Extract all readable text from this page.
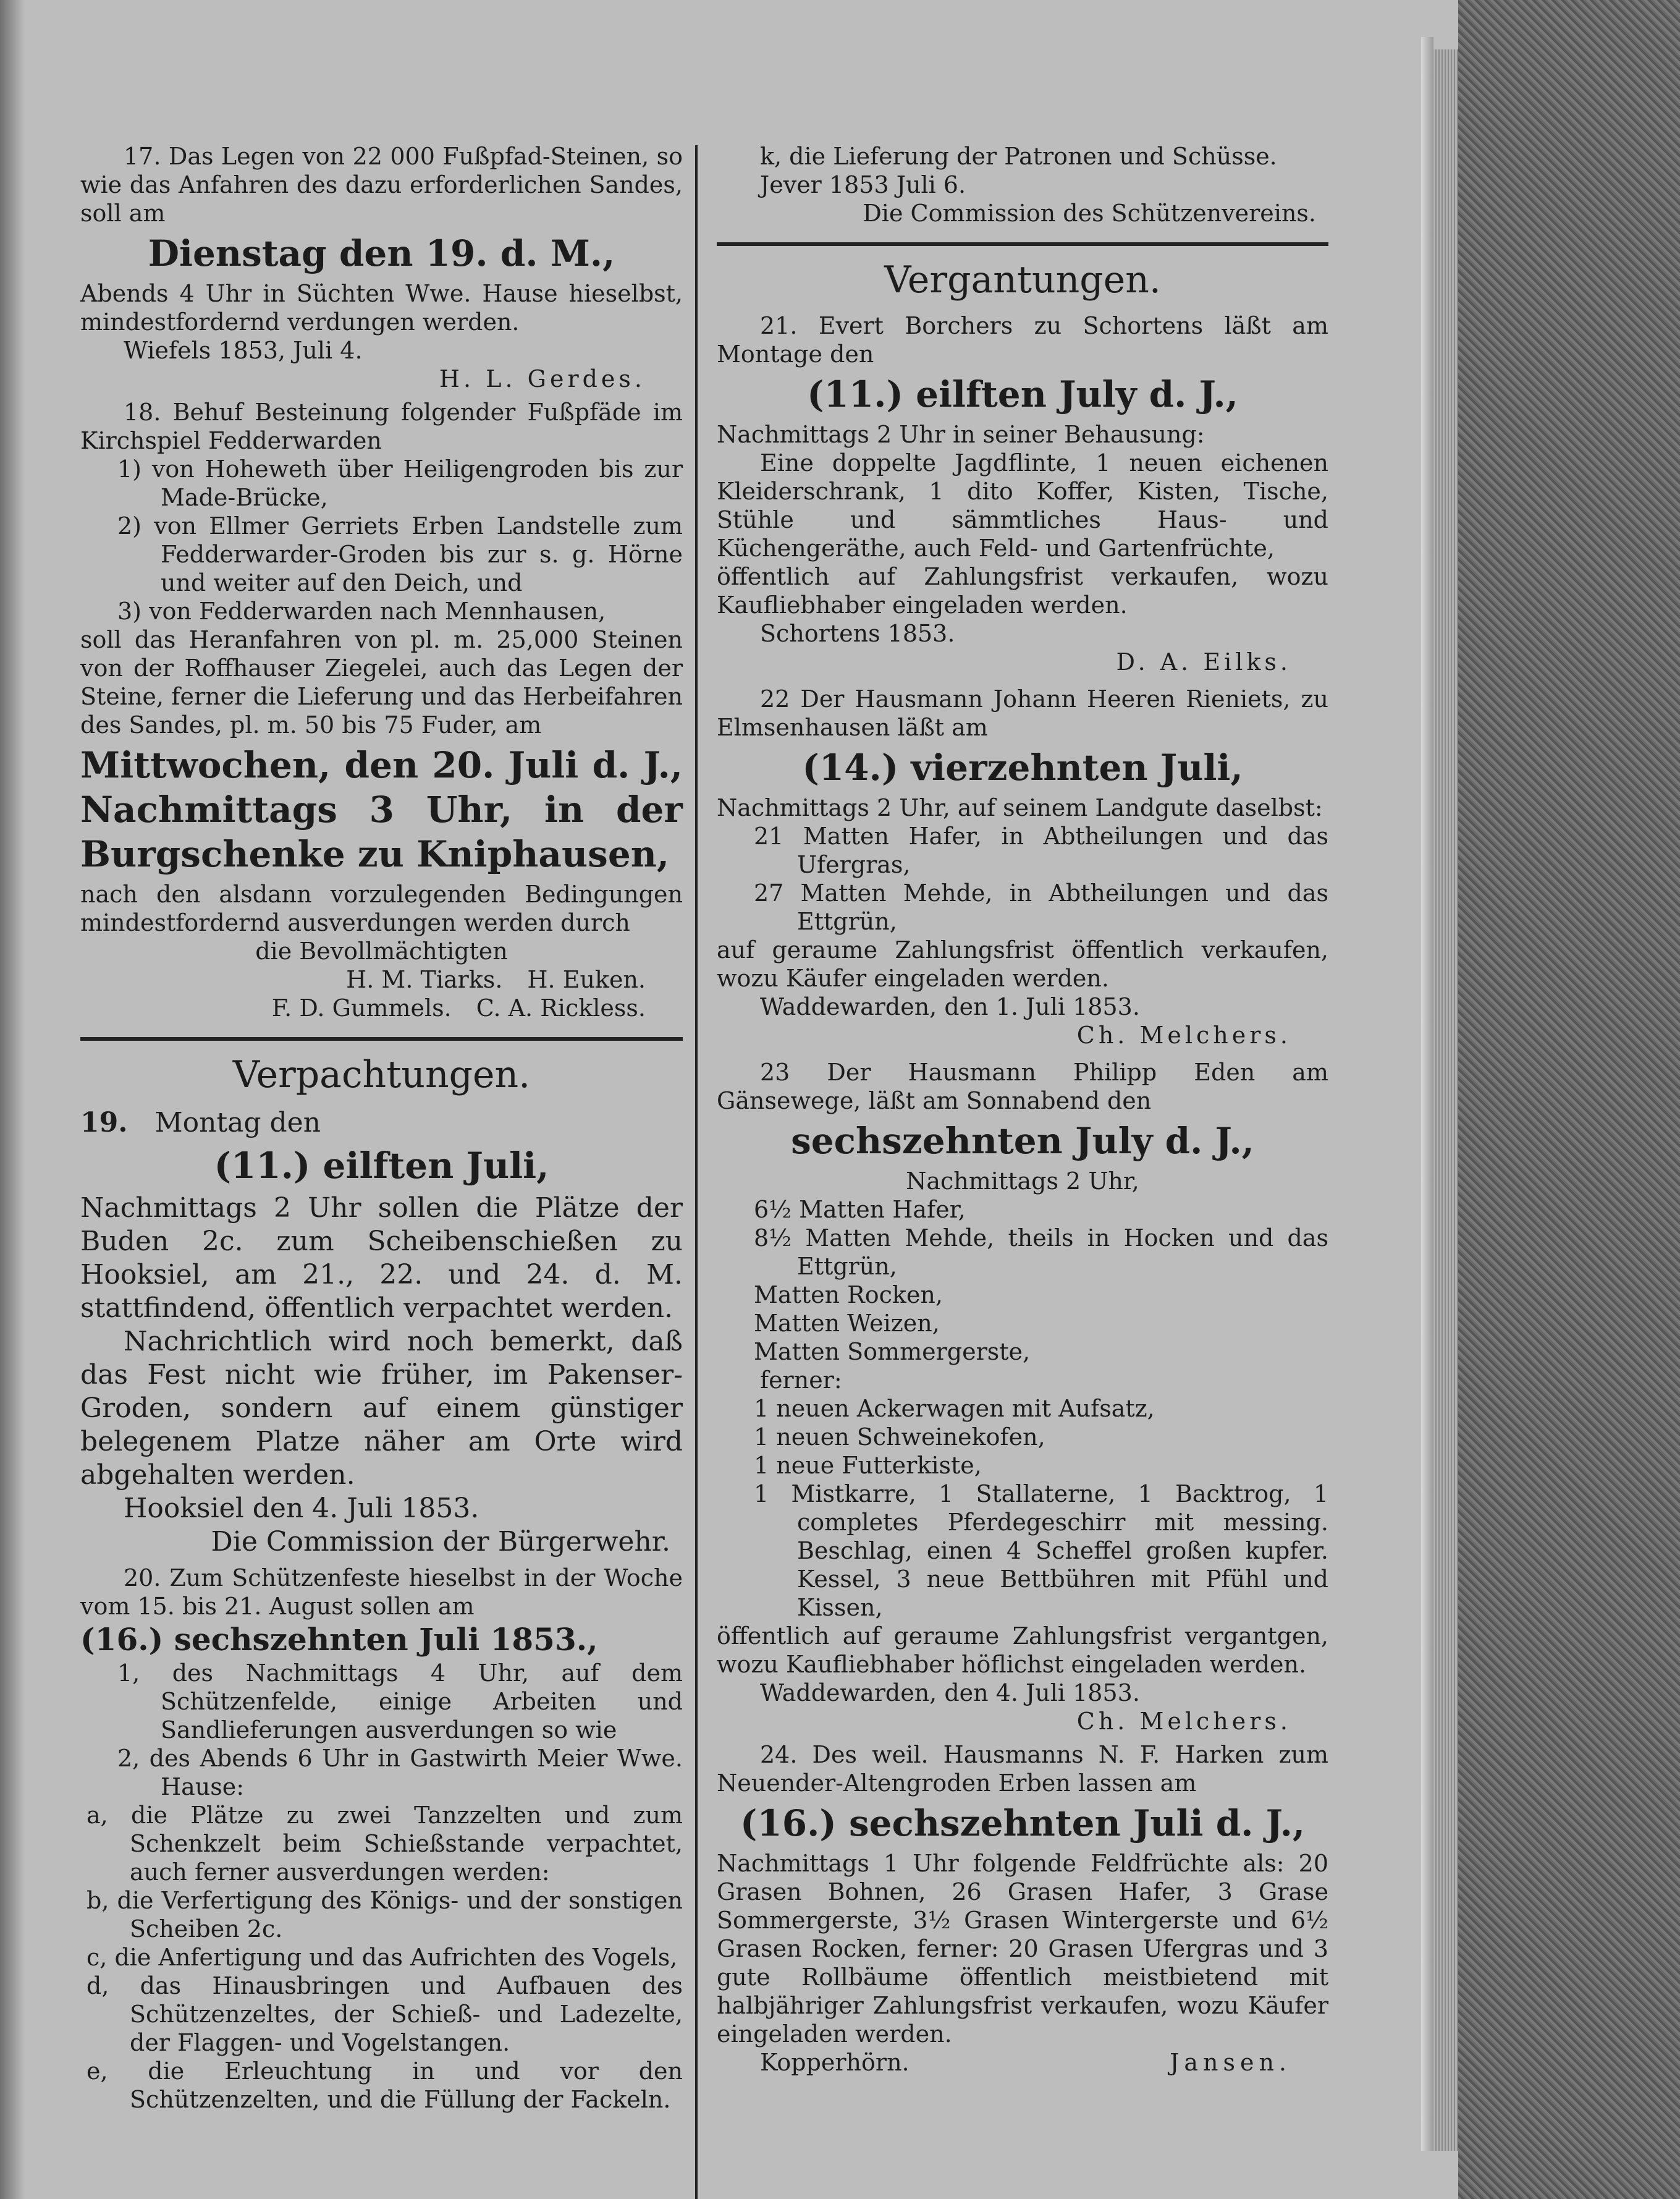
17. Das Legen von 22 000 Fußpfad-Steinen, so wie das Anfahren des dazu erforderlichen Sandes, soll am

Dienstag den 19. d. M.,

Abends 4 Uhr in Süchten Wwe. Hause hieselbst, mindestfordernd verdungen werden.

Wiefels 1853, Juli 4.

H. L. Gerdes.

18. Behuf Besteinung folgender Fußpfäde im Kirchspiel Fedderwarden

1) von Hoheweth über Heiligengroden bis zur Made-Brücke,

2) von Ellmer Gerriets Erben Landstelle zum Fedderwarder-Groden bis zur s. g. Hörne und weiter auf den Deich, und

3) von Fedderwarden nach Mennhausen,

soll das Heranfahren von pl. m. 25,000 Steinen von der Roffhauser Ziegelei, auch das Legen der Steine, ferner die Lieferung und das Herbeifahren des Sandes, pl. m. 50 bis 75 Fuder, am

Mittwochen, den 20. Juli d. J., Nachmittags 3 Uhr, in der Burgschenke zu Kniphausen,

nach den alsdann vorzulegenden Bedingungen mindestfordernd ausverdungen werden durch

die Bevollmächtigten

H. M. Tiarks. H. Euken.
F. D. Gummels. C. A. Rickless.
Verpachtungen.

19. Montag den

(11.) eilften Juli,

Nachmittags 2 Uhr sollen die Plätze der Buden 2c. zum Scheibenschießen zu Hooksiel, am 21., 22. und 24. d. M. stattfindend, öffentlich verpachtet werden.

Nachrichtlich wird noch bemerkt, daß das Fest nicht wie früher, im Pakenser-Groden, sondern auf einem günstiger belegenem Platze näher am Orte wird abgehalten werden.

Hooksiel den 4. Juli 1853.

Die Commission der Bürgerwehr.

20. Zum Schützenfeste hieselbst in der Woche vom 15. bis 21. August sollen am

(16.) sechszehnten Juli 1853.,

1, des Nachmittags 4 Uhr, auf dem Schützenfelde, einige Arbeiten und Sandlieferungen ausverdungen so wie

2, des Abends 6 Uhr in Gastwirth Meier Wwe. Hause:

a, die Plätze zu zwei Tanzzelten und zum Schenkzelt beim Schießstande verpachtet, auch ferner ausverdungen werden:

b, die Verfertigung des Königs- und der sonstigen Scheiben 2c.

c, die Anfertigung und das Aufrichten des Vogels,

d, das Hinausbringen und Aufbauen des Schützenzeltes, der Schieß- und Ladezelte, der Flaggen- und Vogelstangen.

e, die Erleuchtung in und vor den Schützenzelten, und die Füllung der Fackeln.

k, die Lieferung der Patronen und Schüsse.

Jever 1853 Juli 6.

Die Commission des Schützenvereins.

Vergantungen.

21. Evert Borchers zu Schortens läßt am Montage den

(11.) eilften July d. J.,

Nachmittags 2 Uhr in seiner Behausung:

Eine doppelte Jagdflinte, 1 neuen eichenen Kleiderschrank, 1 dito Koffer, Kisten, Tische, Stühle und sämmtliches Haus- und Küchengeräthe, auch Feld- und Gartenfrüchte,

öffentlich auf Zahlungsfrist verkaufen, wozu Kaufliebhaber eingeladen werden.

Schortens 1853.

D. A. Eilks.

22 Der Hausmann Johann Heeren Rieniets, zu Elmsenhausen läßt am

(14.) vierzehnten Juli,

Nachmittags 2 Uhr, auf seinem Landgute daselbst:

21 Matten Hafer, in Abtheilungen und das Ufergras,

27 Matten Mehde, in Abtheilungen und das Ettgrün,

auf geraume Zahlungsfrist öffentlich verkaufen, wozu Käufer eingeladen werden.

Waddewarden, den 1. Juli 1853.

Ch. Melchers.

23 Der Hausmann Philipp Eden am Gänsewege, läßt am Sonnabend den

sechszehnten July d. J.,

Nachmittags 2 Uhr,

6½ Matten Hafer,

8½ Matten Mehde, theils in Hocken und das Ettgrün,

Matten Rocken,

Matten Weizen,

Matten Sommergerste,

ferner:

1 neuen Ackerwagen mit Aufsatz,

1 neuen Schweinekofen,

1 neue Futterkiste,

1 Mistkarre, 1 Stallaterne, 1 Backtrog, 1 completes Pferdegeschirr mit messing. Beschlag, einen 4 Scheffel großen kupfer. Kessel, 3 neue Bettbühren mit Pfühl und Kissen,

öffentlich auf geraume Zahlungsfrist vergantgen, wozu Kaufliebhaber höflichst eingeladen werden.

Waddewarden, den 4. Juli 1853.

Ch. Melchers.

24. Des weil. Hausmanns N. F. Harken zum Neuender-Altengroden Erben lassen am

(16.) sechszehnten Juli d. J.,

Nachmittags 1 Uhr folgende Feldfrüchte als: 20 Grasen Bohnen, 26 Grasen Hafer, 3 Grase Sommergerste, 3½ Grasen Wintergerste und 6½ Grasen Rocken, ferner: 20 Grasen Ufergras und 3 gute Rollbäume öffentlich meistbietend mit halbjähriger Zahlungsfrist verkaufen, wozu Käufer eingeladen werden.

Kopperhörn.	Jansen.
